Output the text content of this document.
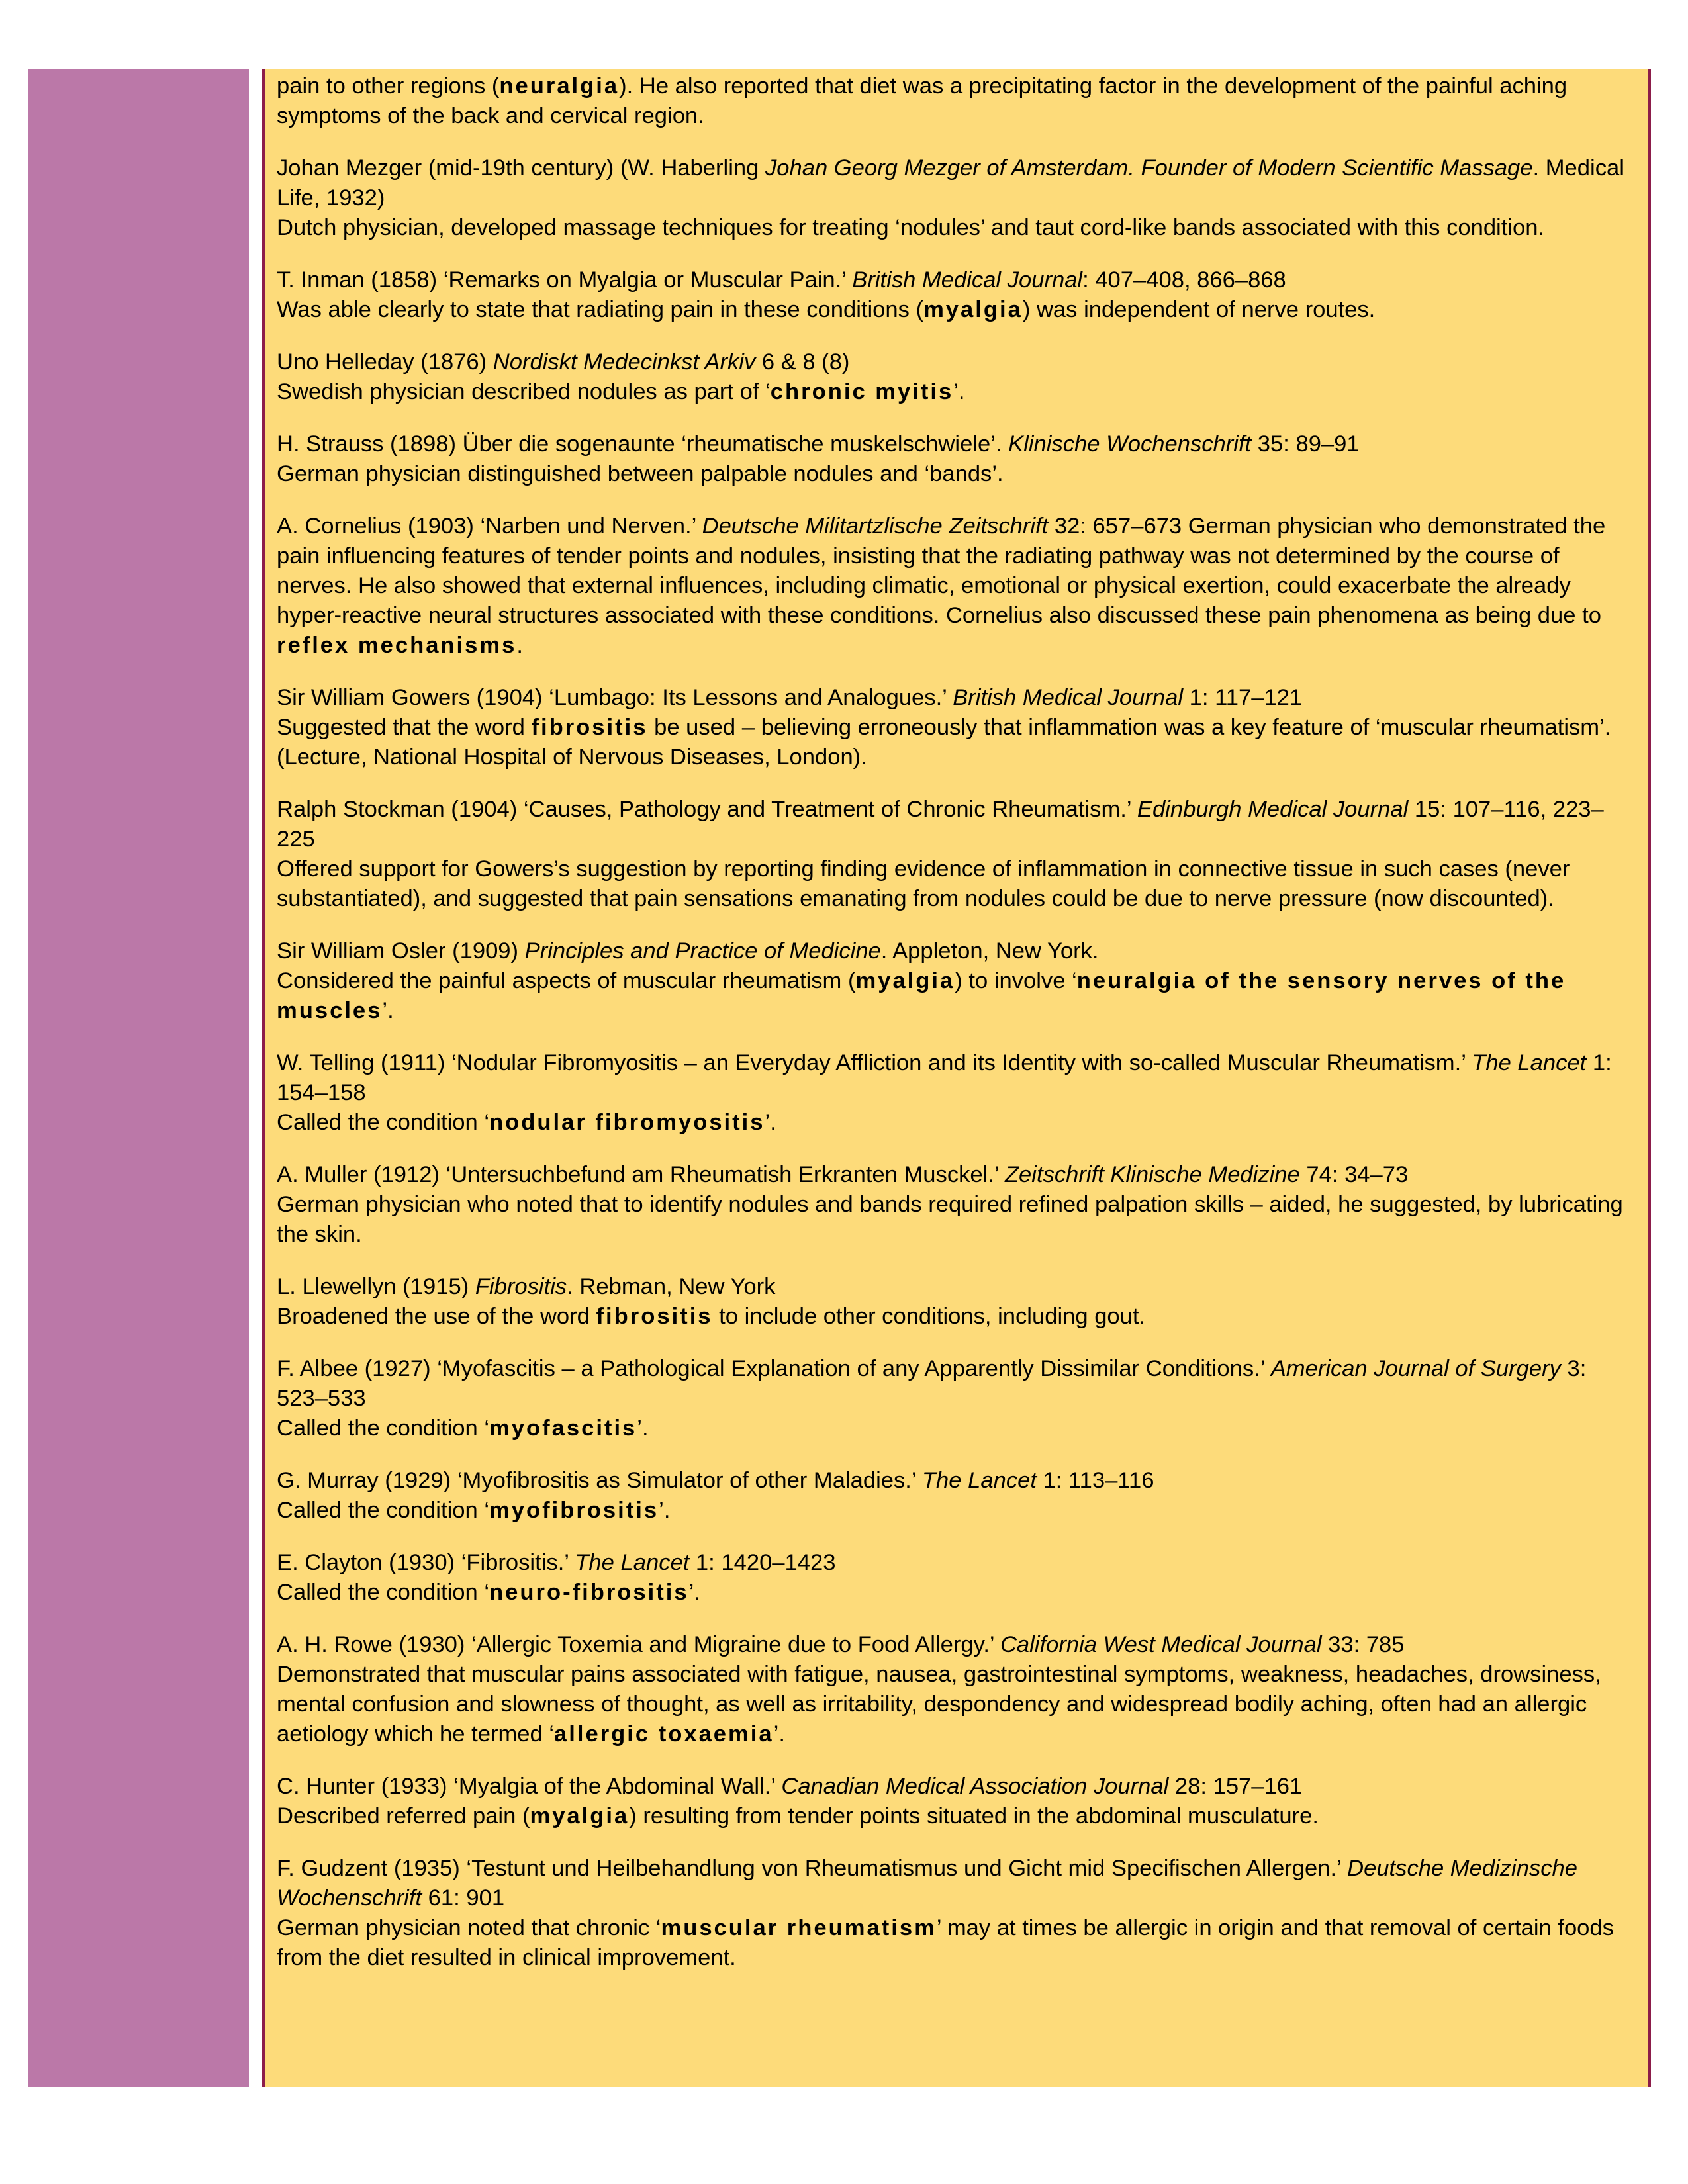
pain to other regions (neuralgia). He also reported that diet was a precipitating factor in the development of the painful aching symptoms of the back and cervical region.

Johan Mezger (mid-19th century) (W. Haberling Johan Georg Mezger of Amsterdam. Founder of Modern Scientific Massage. Medical Life, 1932)

Dutch physician, developed massage techniques for treating ‘nodules’ and taut cord-like bands associated with this condition.

T. Inman (1858) ‘Remarks on Myalgia or Muscular Pain.’ British Medical Journal: 407–408, 866–868

Was able clearly to state that radiating pain in these conditions (myalgia) was independent of nerve routes.

Uno Helleday (1876) Nordiskt Medecinkst Arkiv 6 & 8 (8)

Swedish physician described nodules as part of ‘chronic myitis’.

H. Strauss (1898) Über die sogenaunte ‘rheumatische muskelschwiele’. Klinische Wochenschrift 35: 89–91

German physician distinguished between palpable nodules and ‘bands’.

A. Cornelius (1903) ‘Narben und Nerven.’ Deutsche Militartzlische Zeitschrift 32: 657–673 German physician who demonstrated the pain influencing features of tender points and nodules, insisting that the radiating pathway was not determined by the course of nerves. He also showed that external influences, including climatic, emotional or physical exertion, could exacerbate the already hyper-reactive neural structures associated with these conditions. Cornelius also discussed these pain phenomena as being due to reflex mechanisms.

Sir William Gowers (1904) ‘Lumbago: Its Lessons and Analogues.’ British Medical Journal 1: 117–121

Suggested that the word fibrositis be used – believing erroneously that inflammation was a key feature of ‘muscular rheumatism’.

(Lecture, National Hospital of Nervous Diseases, London).

Ralph Stockman (1904) ‘Causes, Pathology and Treatment of Chronic Rheumatism.’ Edinburgh Medical Journal 15: 107–116, 223–225

Offered support for Gowers’s suggestion by reporting finding evidence of inflammation in connective tissue in such cases (never substantiated), and suggested that pain sensations emanating from nodules could be due to nerve pressure (now discounted).

Sir William Osler (1909) Principles and Practice of Medicine. Appleton, New York.

Considered the painful aspects of muscular rheumatism (myalgia) to involve ‘neuralgia of the sensory nerves of the muscles’.

W. Telling (1911) ‘Nodular Fibromyositis – an Everyday Affliction and its Identity with so-called Muscular Rheumatism.’ The Lancet 1: 154–158

Called the condition ‘nodular fibromyositis’.

A. Muller (1912) ‘Untersuchbefund am Rheumatish Erkranten Musckel.’ Zeitschrift Klinische Medizine 74: 34–73

German physician who noted that to identify nodules and bands required refined palpation skills – aided, he suggested, by lubricating the skin.

L. Llewellyn (1915) Fibrositis. Rebman, New York

Broadened the use of the word fibrositis to include other conditions, including gout.

F. Albee (1927) ‘Myofascitis – a Pathological Explanation of any Apparently Dissimilar Conditions.’ American Journal of Surgery 3: 523–533

Called the condition ‘myofascitis’.

G. Murray (1929) ‘Myofibrositis as Simulator of other Maladies.’ The Lancet 1: 113–116

Called the condition ‘myofibrositis’.

E. Clayton (1930) ‘Fibrositis.’ The Lancet 1: 1420–1423

Called the condition ‘neuro-fibrositis’.

A. H. Rowe (1930) ‘Allergic Toxemia and Migraine due to Food Allergy.’ California West Medical Journal 33: 785

Demonstrated that muscular pains associated with fatigue, nausea, gastrointestinal symptoms, weakness, headaches, drowsiness, mental confusion and slowness of thought, as well as irritability, despondency and widespread bodily aching, often had an allergic aetiology which he termed ‘allergic toxaemia’.

C. Hunter (1933) ‘Myalgia of the Abdominal Wall.’ Canadian Medical Association Journal 28: 157–161

Described referred pain (myalgia) resulting from tender points situated in the abdominal musculature.

F. Gudzent (1935) ‘Testunt und Heilbehandlung von Rheumatismus und Gicht mid Specifischen Allergen.’ Deutsche Medizinsche Wochenschrift 61: 901

German physician noted that chronic ‘muscular rheumatism’ may at times be allergic in origin and that removal of certain foods from the diet resulted in clinical improvement.
